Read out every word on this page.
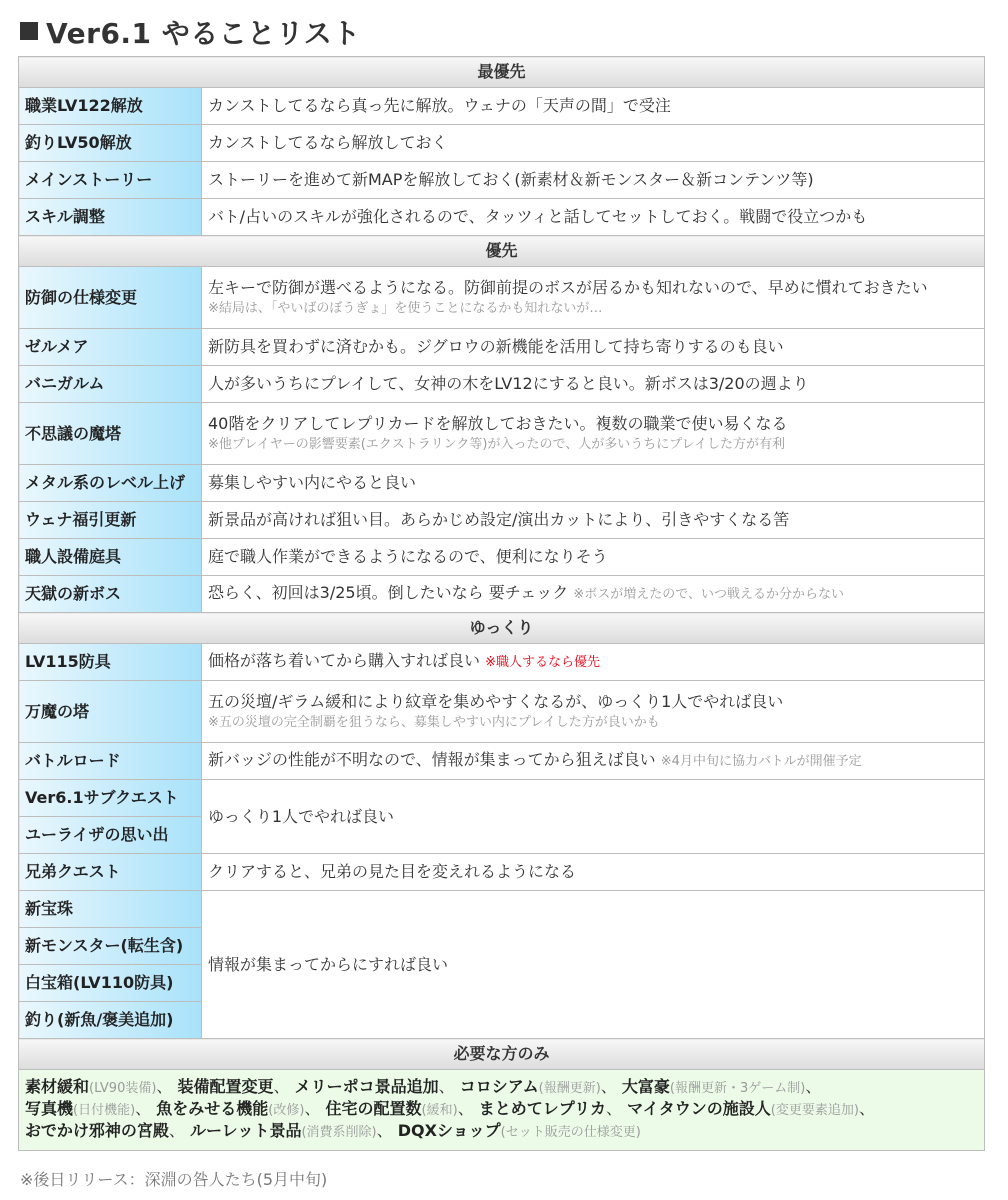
Ver6.1 やることリスト
最優先	
職業LV122解放	カンストしてるなら真っ先に解放。ウェナの「天声の間」で受注
釣りLV50解放	カンストしてるなら解放しておく
メインストーリー	ストーリーを進めて新MAPを解放しておく(新素材＆新モンスター＆新コンテンツ等)
スキル調整	バト/占いのスキルが強化されるので、タッツィと話してセットしておく。戦闘で役立つかも
優先	
防御の仕様変更	左キーで防御が選べるようになる。防御前提のボスが居るかも知れないので、早めに慣れておきたい
※結局は、「やいばのぼうぎょ」を使うことになるかも知れないが…

ゼルメア	新防具を買わずに済むかも。ジグロウの新機能を活用して持ち寄りするのも良い
バニガルム	人が多いうちにプレイして、女神の木をLV12にすると良い。新ボスは3/20の週より
不思議の魔塔	40階をクリアしてレプリカードを解放しておきたい。複数の職業で使い易くなる
※他プレイヤーの影響要素(エクストラリンク等)が入ったので、人が多いうちにプレイした方が有利

メタル系のレベル上げ	募集しやすい内にやると良い
ウェナ福引更新	新景品が高ければ狙い目。あらかじめ設定/演出カットにより、引きやすくなる筈
職人設備庭具	庭で職人作業ができるようになるので、便利になりそう
天獄の新ボス	恐らく、初回は3/25頃。倒したいなら 要チェック ※ボスが増えたので、いつ戦えるか分からない
ゆっくり	
LV115防具	価格が落ち着いてから購入すれば良い ※職人するなら優先
万魔の塔	五の災壇/ギラム緩和により紋章を集めやすくなるが、ゆっくり1人でやれば良い
※五の災壇の完全制覇を狙うなら、募集しやすい内にプレイした方が良いかも

バトルロード	新バッジの性能が不明なので、情報が集まってから狙えば良い ※4月中旬に協力バトルが開催予定
Ver6.1サブクエスト	ゆっくり1人でやれば良い
ユーライザの思い出	
兄弟クエスト	クリアすると、兄弟の見た目を変えれるようになる
新宝珠	情報が集まってからにすれば良い
新モンスター(転生含)	
白宝箱(LV110防具)	
釣り(新魚/褒美追加)	
必要な方のみ	
素材緩和(LV90装備)、 装備配置変更、 メリーポコ景品追加、 コロシアム(報酬更新)、 大富豪(報酬更新・3ゲーム制)、
写真機(日付機能)、 魚をみせる機能(改修)、 住宅の配置数(緩和)、 まとめてレプリカ、 マイタウンの施設人(変更要素追加)、
おでかけ邪神の宮殿、 ルーレット景品(消費系削除)、 DQXショップ(セット販売の仕様変更)	
※後日リリース：深淵の咎人たち(5月中旬)
